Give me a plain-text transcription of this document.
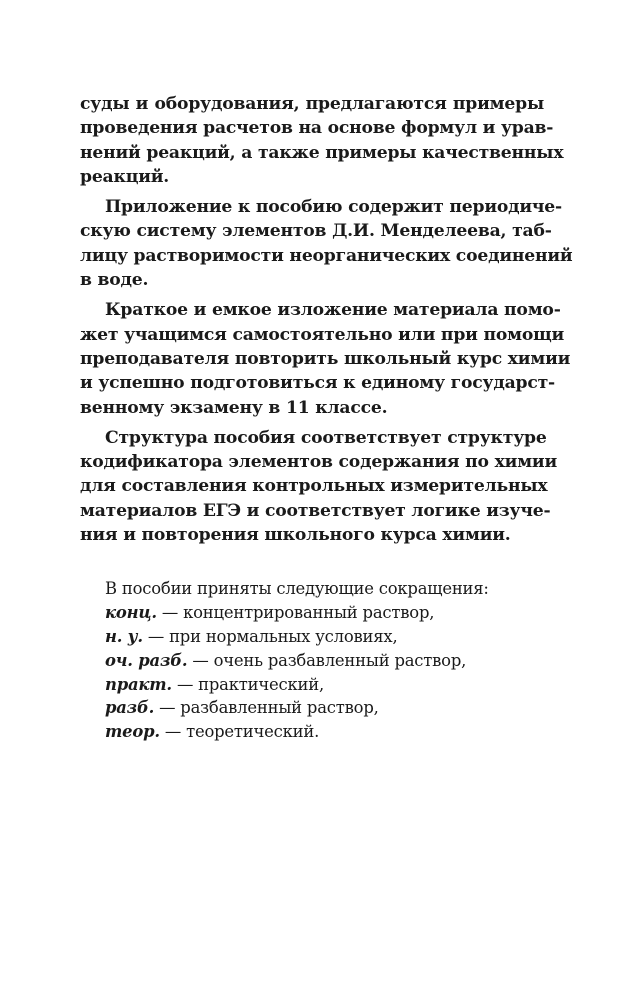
суды и оборудования, предлагаются примеры
проведения расчетов на основе формул и урав-
нений реакций, а также примеры качественных
реакций.

Приложение к пособию содержит периодиче-
скую систему элементов Д.И. Менделеева, таб-
лицу растворимости неорганических соединений
в воде.

Краткое и емкое изложение материала помо-
жет учащимся самостоятельно или при помощи
преподавателя повторить школьный курс химии
и успешно подготовиться к единому государст-
венному экзамену в 11 классе.

Структура пособия соответствует структуре
кодификатора элементов содержания по химии
для составления контрольных измерительных
материалов ЕГЭ и соответствует логике изуче-
ния и повторения школьного курса химии.

В пособии приняты следующие сокращения:
конц. — концентрированный раствор,
н. у. — при нормальных условиях,
оч. разб. — очень разбавленный раствор,
практ. — практический,
разб. — разбавленный раствор,
теор. — теоретический.
